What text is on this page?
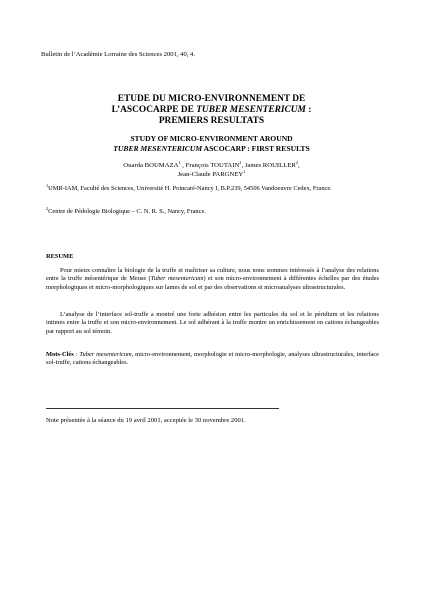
Bulletin de l’Académie Lorraine des Sciences 2001, 40, 4.
ETUDE DU MICRO-ENVIRONNEMENT DE
L’ASCOCARPE DE TUBER MESENTERICUM :
PREMIERS RESULTATS
STUDY OF MICRO-ENVIRONMENT AROUND
TUBER MESENTERICUM ASCOCARP : FIRST RESULTS
Ouarda BOUMAZA$^1$ , François TOUTAIN$^2$, James ROUILLER$^2$,
Jean-Claude PARGNEY$^1$
$^1$UMR-IAM, Faculté des Sciences, Université H. Poincaré-Nancy I, B.P.239, 54506 Vandoeuvre Cedex, France.
$^2$Centre de Pédologie Biologique – C. N. R. S., Nancy, France.
RESUME
Pour mieux connaître la biologie de la truffe et maîtriser sa culture, nous nous sommes intéressés à l’analyse des relations entre la truffe mésentérique de Meuse (Tuber mesentericum) et son micro-environnement à différentes échelles par des études morphologiques et micro-morphologiques sur lames de sol et par des observations et microanalyses ultrastructurales.
L’analyse de l’interface sol-truffe a montré une forte adhésion entre les particules du sol et le péridium et les relations intimes entre la truffe et son micro-environnement. Le sol adhérant à la truffe montre un enrichissement en cations échangeables par rapport au sol témoin.
Mots-Clés : Tuber mesentericum, micro-environnement, morphologie et micro-morphologie, analyses ultrastructurales, interface sol-truffe, cations échangeables.
Note présentée à la séance du 19 avril 2001, acceptée le 30 novembre 2001.
